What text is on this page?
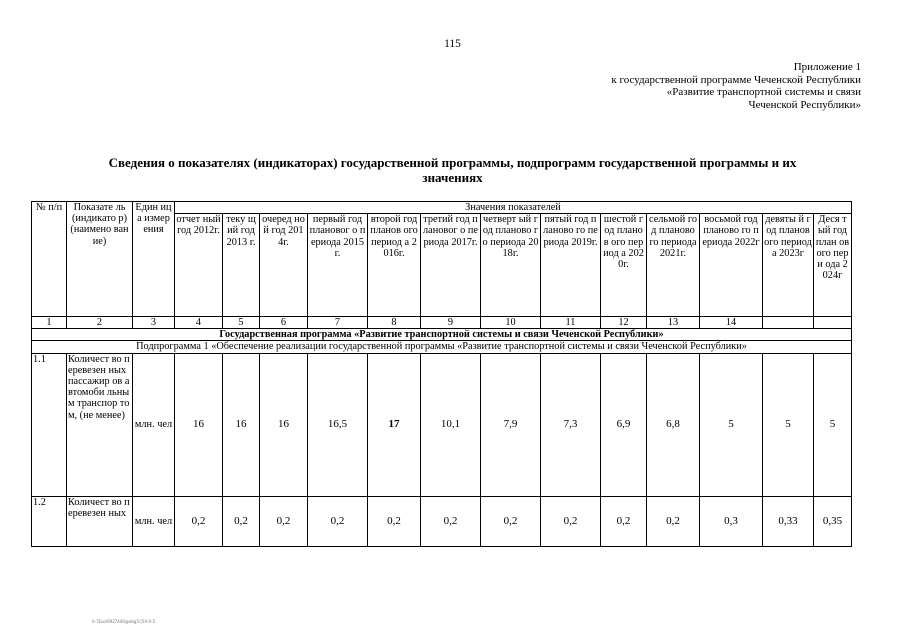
115
Приложение 1
к государственной программе Чеченской Республики
«Развитие транспортной системы и связи
Чеченской Республики»
Сведения о показателях (индикаторах) государственной программы, подпрограмм государственной программы и их значениях
№ п/п	Показате ль (индикато р) (наимено вание)	Един ица измер ения	Значения показателей												
			отчет ный год 2012г.	теку щий год 2013 г.	очеред ной год 2014г.	первый год плановог о периода 2015г.	второй год планов ого период а 2016г.	третий год плановог о периода 2017г.	четверт ый год планово го периода 2018г.	пятый год планово го периода 2019г.	шестой год планов ого период а 2020г.	сельмой год планово го периода 2021г.	восьмой год планово го периода 2022г	девяты й год планов ого период а 2023г	Деся тый год план ового пери ода 2024г
1	2	3	4	5	6	7	8	9	10	11	12	13	14		
Государственная программа «Развитие транспортной системы и связи Чеченской Республики»															
Подпрограмма 1 «Обеспечение реализации государственной программы «Развитие транспортной системы и связи Чеченской Республики»															
1.1	Количест во перевезен ных пассажир ов автомоби льным транспор том, (не менее)	млн. чел	16	16	16	16,5	17	10,1	7,9	7,3	6,9	6,8	5	5	5
1.2	Количест во перевезен ных	млн. чел	0,2	0,2	0,2	0,2	0,2	0,2	0,2	0,2	0,2	0,2	0,3	0,33	0,35
0-7Exe/6927440@ebg5:[5A:0-5
